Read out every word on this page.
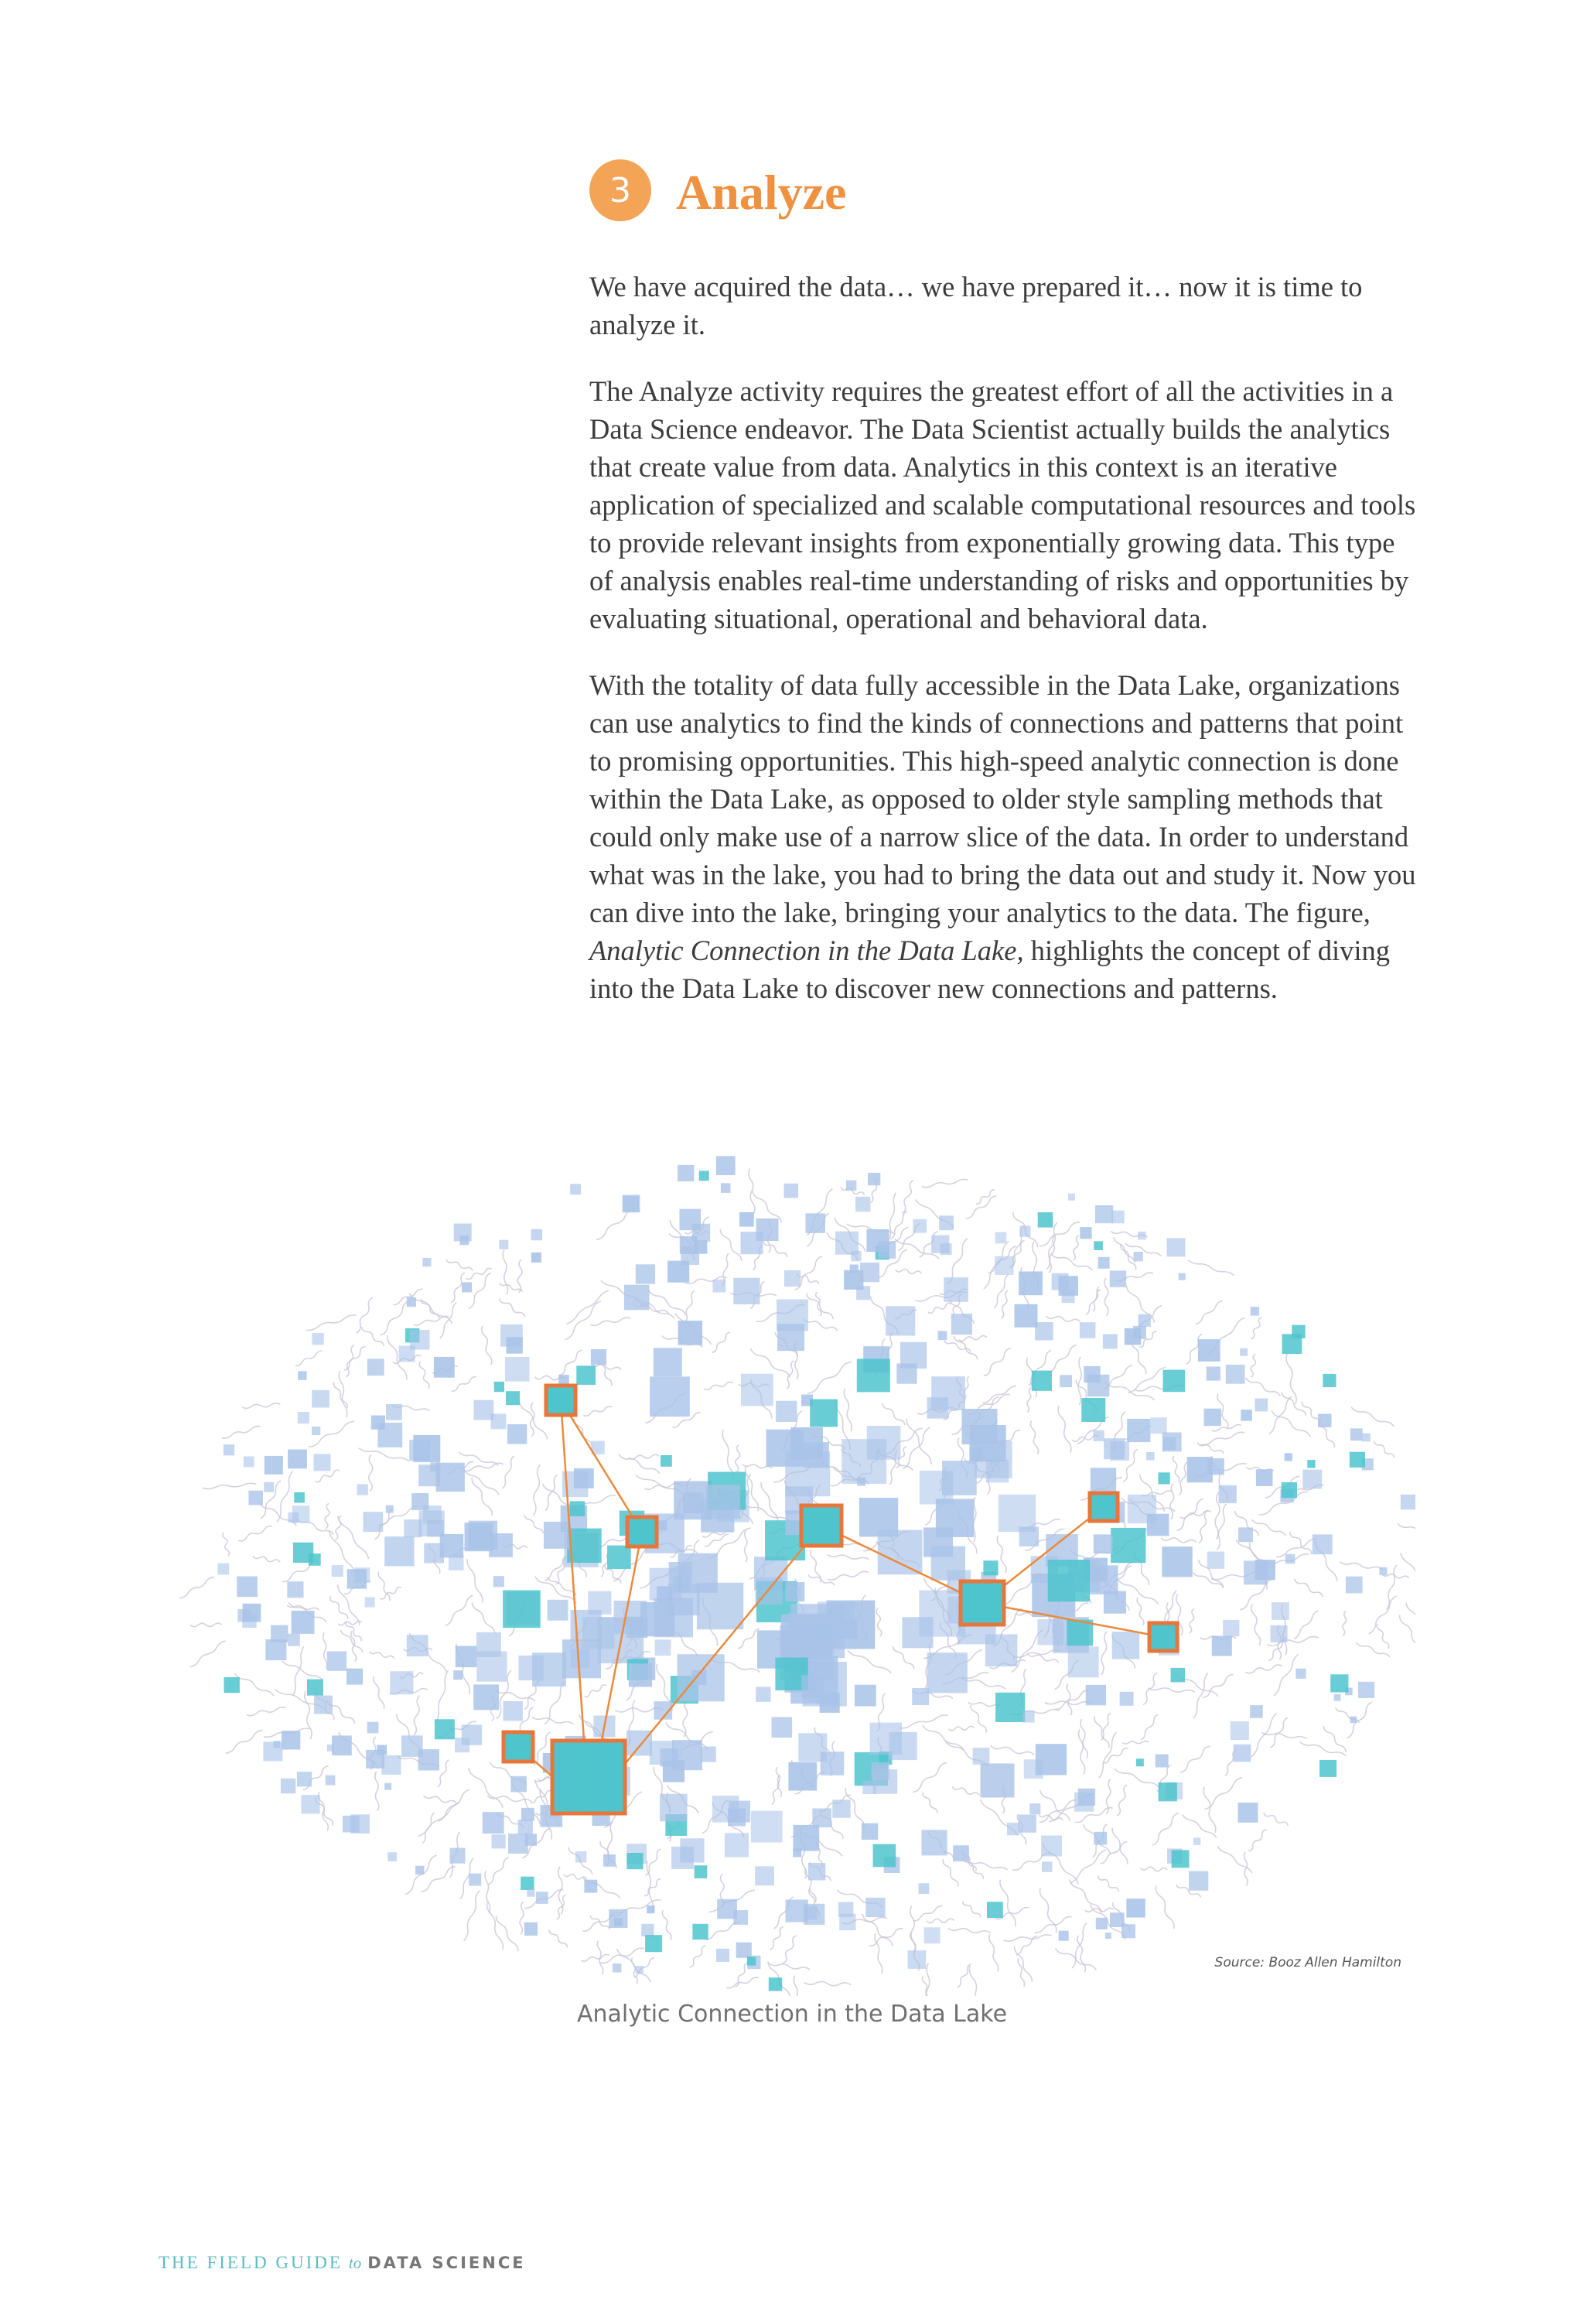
3 Analyze

We have acquired the data… we have prepared it… now it is time to analyze it.

The Analyze activity requires the greatest effort of all the activities in a Data Science endeavor. The Data Scientist actually builds the analytics that create value from data. Analytics in this context is an iterative application of specialized and scalable computational resources and tools to provide relevant insights from exponentially growing data. This type of analysis enables real-time understanding of risks and opportunities by evaluating situational, operational and behavioral data.

With the totality of data fully accessible in the Data Lake, organizations can use analytics to find the kinds of connections and patterns that point to promising opportunities. This high-speed analytic connection is done within the Data Lake, as opposed to older style sampling methods that could only make use of a narrow slice of the data. In order to understand what was in the lake, you had to bring the data out and study it. Now you can dive into the lake, bringing your analytics to the data. The figure, Analytic Connection in the Data Lake, highlights the concept of diving into the Data Lake to discover new connections and patterns.

Source: Booz Allen Hamilton

Analytic Connection in the Data Lake

THE FIELD GUIDE to DATA SCIENCE
